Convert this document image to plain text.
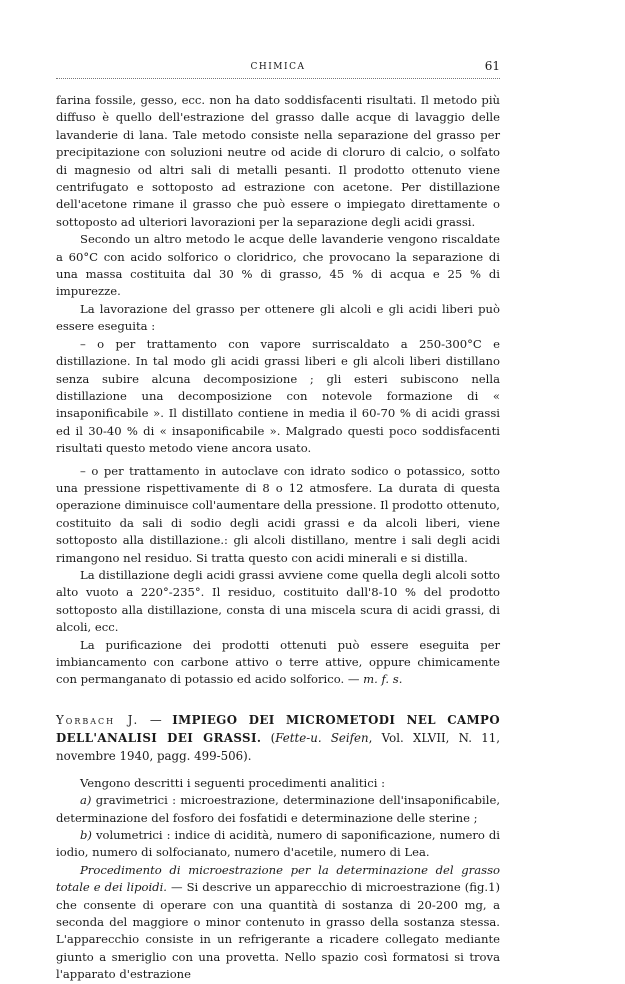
CHIMICA	61

farina fossile, gesso, ecc. non ha dato soddisfacenti risultati. Il metodo più diffuso è quello dell'estrazione del grasso dalle acque di lavaggio delle lavanderie di lana. Tale metodo consiste nella separazione del grasso per precipitazione con soluzioni neutre od acide di cloruro di calcio, o solfato di magnesio od altri sali di metalli pesanti. Il prodotto ottenuto viene centrifugato e sottoposto ad estrazione con acetone. Per distillazione dell'acetone rimane il grasso che può essere o impiegato direttamente o sottoposto ad ulteriori lavorazioni per la separazione degli acidi grassi.

Secondo un altro metodo le acque delle lavanderie vengono riscaldate a 60°C con acido solforico o cloridrico, che provocano la separazione di una massa costituita dal 30 % di grasso, 45 % di acqua e 25 % di impurezze.

La lavorazione del grasso per ottenere gli alcoli e gli acidi liberi può essere eseguita :

– o per trattamento con vapore surriscaldato a 250-300°C e distillazione. In tal modo gli acidi grassi liberi e gli alcoli liberi distillano senza subire alcuna decomposizione ; gli esteri subiscono nella distillazione una decomposizione con notevole formazione di « insaponificabile ». Il distillato contiene in media il 60-70 % di acidi grassi ed il 30-40 % di « insaponificabile ». Malgrado questi poco soddisfacenti risultati questo metodo viene ancora usato.

– o per trattamento in autoclave con idrato sodico o potassico, sotto una pressione rispettivamente di 8 o 12 atmosfere. La durata di questa operazione diminuisce coll'aumentare della pressione. Il prodotto ottenuto, costituito da sali di sodio degli acidi grassi e da alcoli liberi, viene sottoposto alla distillazione.: gli alcoli distillano, mentre i sali degli acidi rimangono nel residuo. Si tratta questo con acidi minerali e si distilla.

La distillazione degli acidi grassi avviene come quella degli alcoli sotto alto vuoto a 220°-235°. Il residuo, costituito dall'8-10 % del prodotto sottoposto alla distillazione, consta di una miscela scura di acidi grassi, di alcoli, ecc.

La purificazione dei prodotti ottenuti può essere eseguita per imbiancamento con carbone attivo o terre attive, oppure chimicamente con permanganato di potassio ed acido solforico. — m. f. s.

Yorbach J. — IMPIEGO DEI MICROMETODI NEL CAMPO DELL'ANALISI DEI GRASSI. (Fette-u. Seifen, Vol. XLVII, N. 11, novembre 1940, pagg. 499-506).

Vengono descritti i seguenti procedimenti analitici :

a) gravimetrici : microestrazione, determinazione dell'insaponificabile, determinazione del fosforo dei fosfatidi e determinazione delle sterine ;

b) volumetrici : indice di acidità, numero di saponificazione, numero di iodio, numero di solfocianato, numero d'acetile, numero di Lea.

Procedimento di microestrazione per la determinazione del grasso totale e dei lipoidi. — Si descrive un apparecchio di microestrazione (fig.1) che consente di operare con una quantità di sostanza di 20-200 mg, a seconda del maggiore o minor contenuto in grasso della sostanza stessa. L'apparecchio consiste in un refrigerante a ricadere collegato mediante giunto a smeriglio con una provetta. Nello spazio così formatosi si trova l'apparato d'estrazione
